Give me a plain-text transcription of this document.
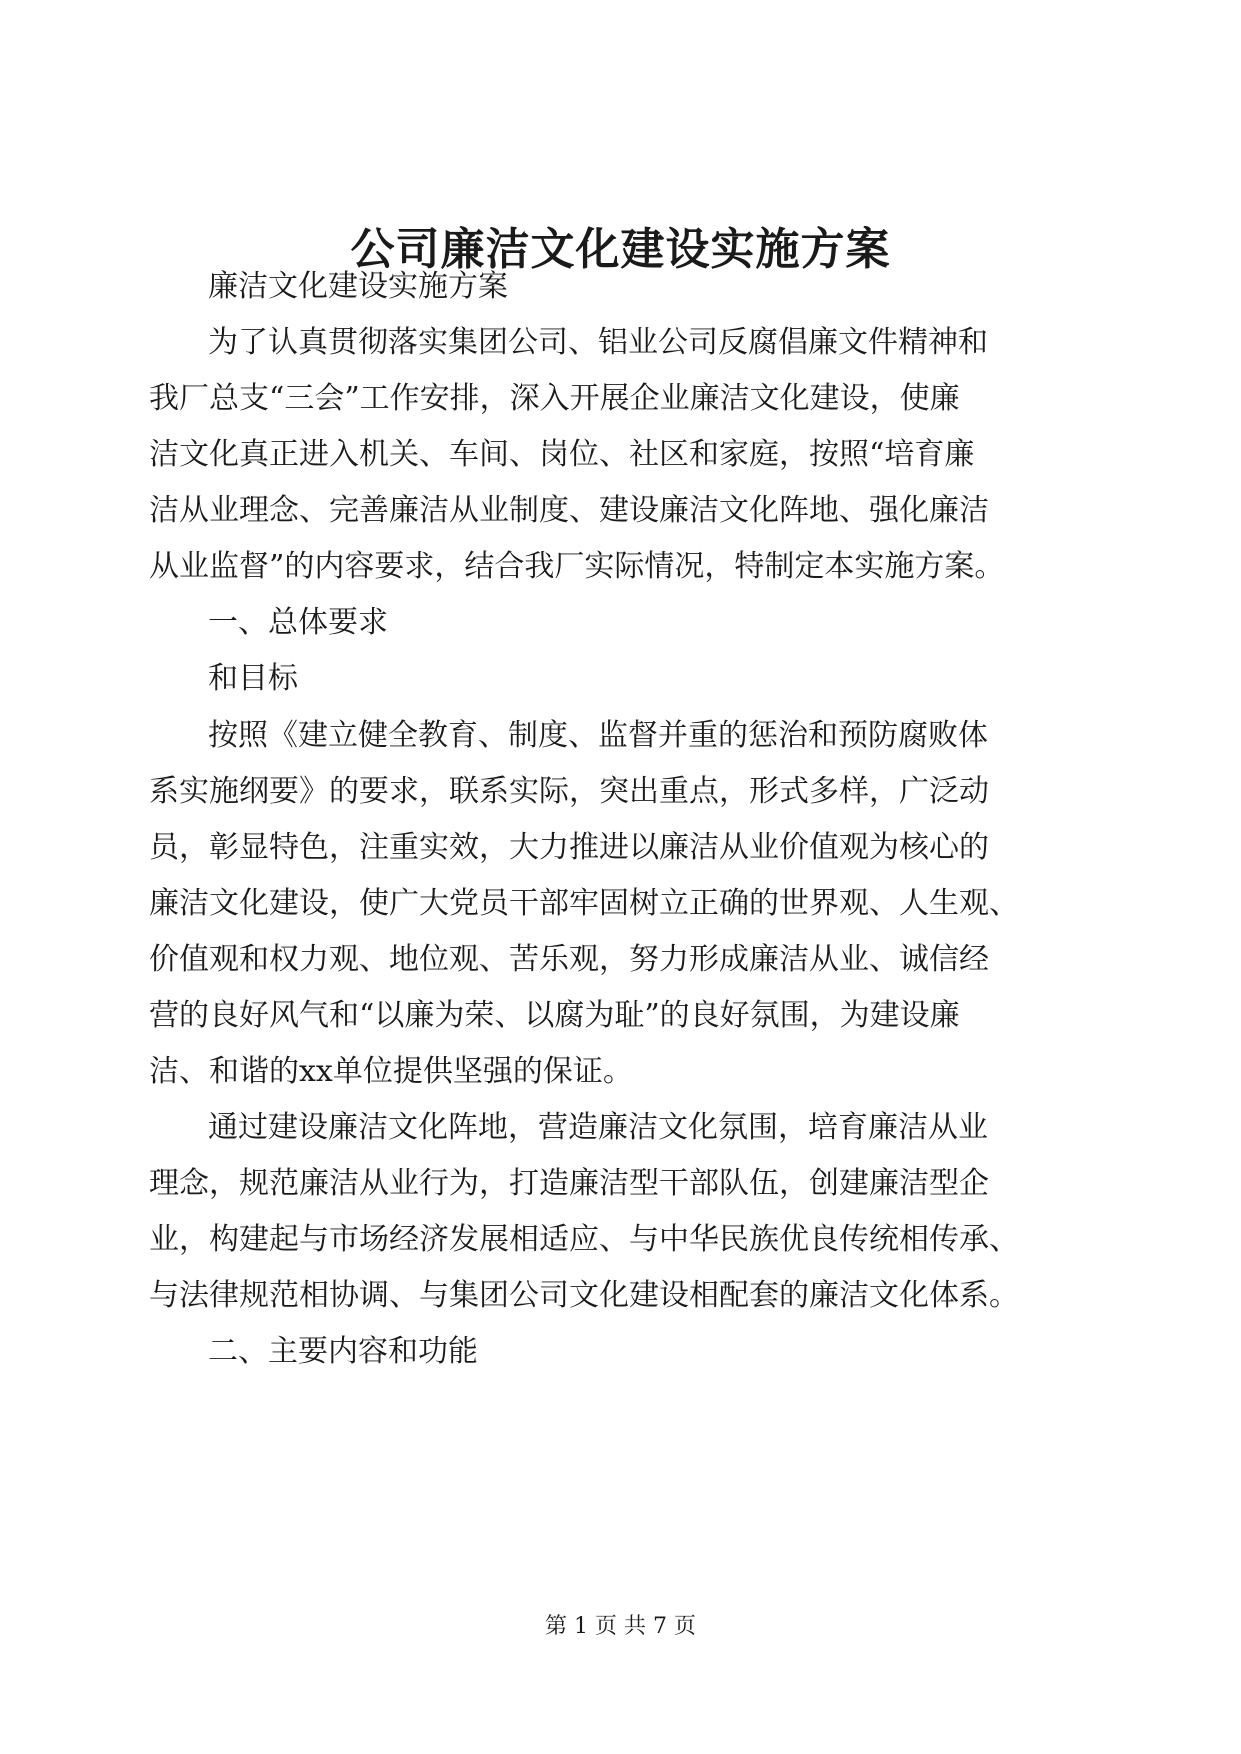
公司廉洁文化建设实施方案
廉洁文化建设实施方案
为了认真贯彻落实集团公司、铝业公司反腐倡廉文件精神和
我厂总支“三会”工作安排，深入开展企业廉洁文化建设，使廉
洁文化真正进入机关、车间、岗位、社区和家庭，按照“培育廉
洁从业理念、完善廉洁从业制度、建设廉洁文化阵地、强化廉洁
从业监督”的内容要求，结合我厂实际情况，特制定本实施方案。
一、总体要求
和目标
按照《建立健全教育、制度、监督并重的惩治和预防腐败体
系实施纲要》的要求，联系实际，突出重点，形式多样，广泛动
员，彰显特色，注重实效，大力推进以廉洁从业价值观为核心的
廉洁文化建设，使广大党员干部牢固树立正确的世界观、人生观、
价值观和权力观、地位观、苦乐观，努力形成廉洁从业、诚信经
营的良好风气和“以廉为荣、以腐为耻”的良好氛围，为建设廉
洁、和谐的xx单位提供坚强的保证。
通过建设廉洁文化阵地，营造廉洁文化氛围，培育廉洁从业
理念，规范廉洁从业行为，打造廉洁型干部队伍，创建廉洁型企
业，构建起与市场经济发展相适应、与中华民族优良传统相传承、
与法律规范相协调、与集团公司文化建设相配套的廉洁文化体系。
二、主要内容和功能
第 1 页 共 7 页
